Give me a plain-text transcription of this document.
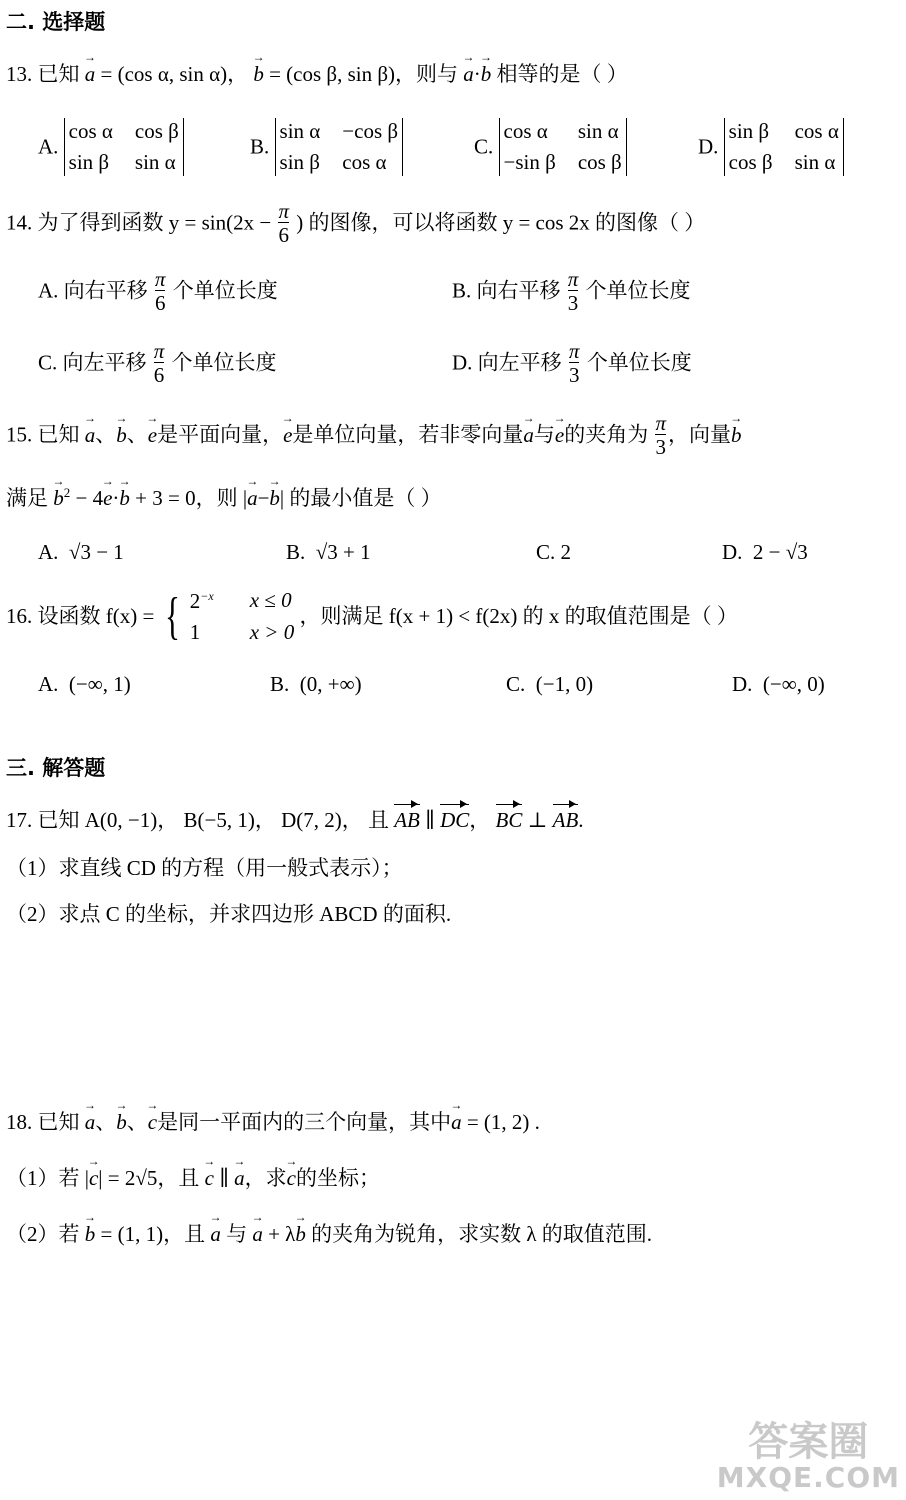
二. 选择题
13. 已知 → a = (cos α, sin α)， → b = (cos β, sin β)，则与 → a·→ b 相等的是（ ）
A.
cos α cos β
sin β sin α
B.
sin α −cos β
sin β cos α
C.
cos α	sin α
−sin β cos β
D.
sin β cos α
cos β sin α
14. 为了得到函数 $y = \sin(2x - \frac{\pi}{6}$ ) 的图像，可以将函数 y = cos 2x 的图像（ ）
A. 向右平移 $\frac{\pi}{6}$ 个单位长度	B. 向右平移 $\frac{\pi}{3}$ 个单位长度
C. 向左平移 $\frac{\pi}{6}$ 个单位长度	D. 向左平移 $\frac{\pi}{3}$ 个单位长度
15. 已知 → a、→ b、→ e是平面向量，→ e是单位向量，若非零向量→ a与→ e的夹角为 $\frac{\pi}{3}$ ，向量→ b
满足 → $b^2 - 4\to e\cdot\to b + 3 = 0$，则 |→ a−→ b| 的最小值是（ ）
A. √3 − 1	B. √3 + 1	C. 2	D. 2 − √3
16. 设函数 f(x) = { $2^{-x}$ x ≤ 0
1	x > 0
，则满足 f(x + 1) < f(2x) 的 x 的取值范围是（ ）
A. (−∞, 1)	B. (0, +∞)	C. (−1, 0)	D. (−∞, 0)
三. 解答题
17. 已知 A(0, −1)， B(−5, 1)， D(7, 2)， 且 AB ∥ DC， BC ⊥ AB.
（1）求直线 CD 的方程（用一般式表示）；
（2）求点 C 的坐标，并求四边形 ABCD 的面积.
18. 已知 → a、→ b、→ c是同一平面内的三个向量，其中→ a = (1, 2) .
（1）若 |→ c| = 2√5，且 → c ∥ → a，求→ c的坐标；
（2）若 → b = (1, 1)，且 → a 与 → a + λ→ b 的夹角为锐角，求实数 λ 的取值范围.
答案圈
MXQE.COM
